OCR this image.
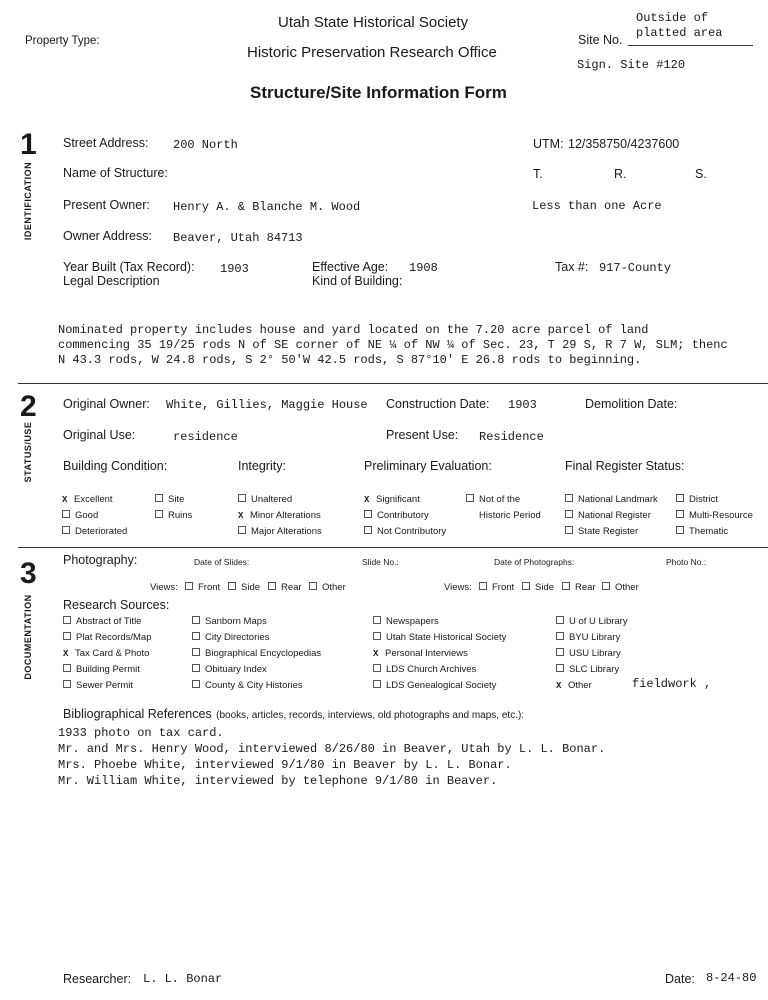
Property Type:
Utah State Historical Society
Historic Preservation Research Office
Structure/Site Information Form
Outside of
Site No. platted area
Sign. Site #120
1
IDENTIFICATION
Street Address: 200 North	UTM: 12/358750/4237600
Name of Structure:	T.	R.	S.
Present Owner: Henry A. & Blanche M. Wood	Less than one Acre
Owner Address: Beaver, Utah 84713
Year Built (Tax Record): 1903	Effective Age: 1908	Tax #: 917-County
Legal Description	Kind of Building:
Nominated property includes house and yard located on the 7.20 acre parcel of land
commencing 35 19/25 rods N of SE corner of NE ¼ of NW ¼ of Sec. 23, T 29 S, R 7 W, SLM; thenc
N 43.3 rods, W 24.8 rods, S 2° 50'W 42.5 rods, S 87°10' E 26.8 rods to beginning.
2
STATUS/USE
Original Owner: White, Gillies, Maggie House Construction Date: 1903	Demolition Date:
Original Use:	residence	Present Use: Residence
Building Condition:	Integrity:	Preliminary Evaluation:	Final Register Status:
X Excellent
Good
Deteriorated
Site
Ruins
Unaltered
X Minor Alterations
Major Alterations
X Significant
Contributory
Not Contributory
Not of the
Historic Period
National Landmark
National Register
State Register
District
Multi-Resource
Thematic
3
DOCUMENTATION
Photography:	Date of Slides:	Slide No.:	Date of Photographs:	Photo No.:
Views:	Front	Side	Rear	Other	Views:	Front	Side	Rear	Other
Research Sources:
Abstract of Title
Plat Records/Map
X Tax Card & Photo
Building Permit
Sewer Permit
Sanborn Maps
City Directories
Biographical Encyclopedias
Obituary Index
County & City Histories
Newspapers
Utah State Historical Society
X Personal Interviews
LDS Church Archives
LDS Genealogical Society
U of U Library
BYU Library
USU Library
SLC Library
X Other	fieldwork ,
Bibliographical References (books, articles, records, interviews, old photographs and maps, etc.):
1933 photo on tax card.
Mr. and Mrs. Henry Wood, interviewed 8/26/80 in Beaver, Utah by L. L. Bonar.
Mrs. Phoebe White, interviewed 9/1/80 in Beaver by L. L. Bonar.
Mr. William White, interviewed by telephone 9/1/80 in Beaver.
Researcher: L. L. Bonar	Date: 8-24-80
